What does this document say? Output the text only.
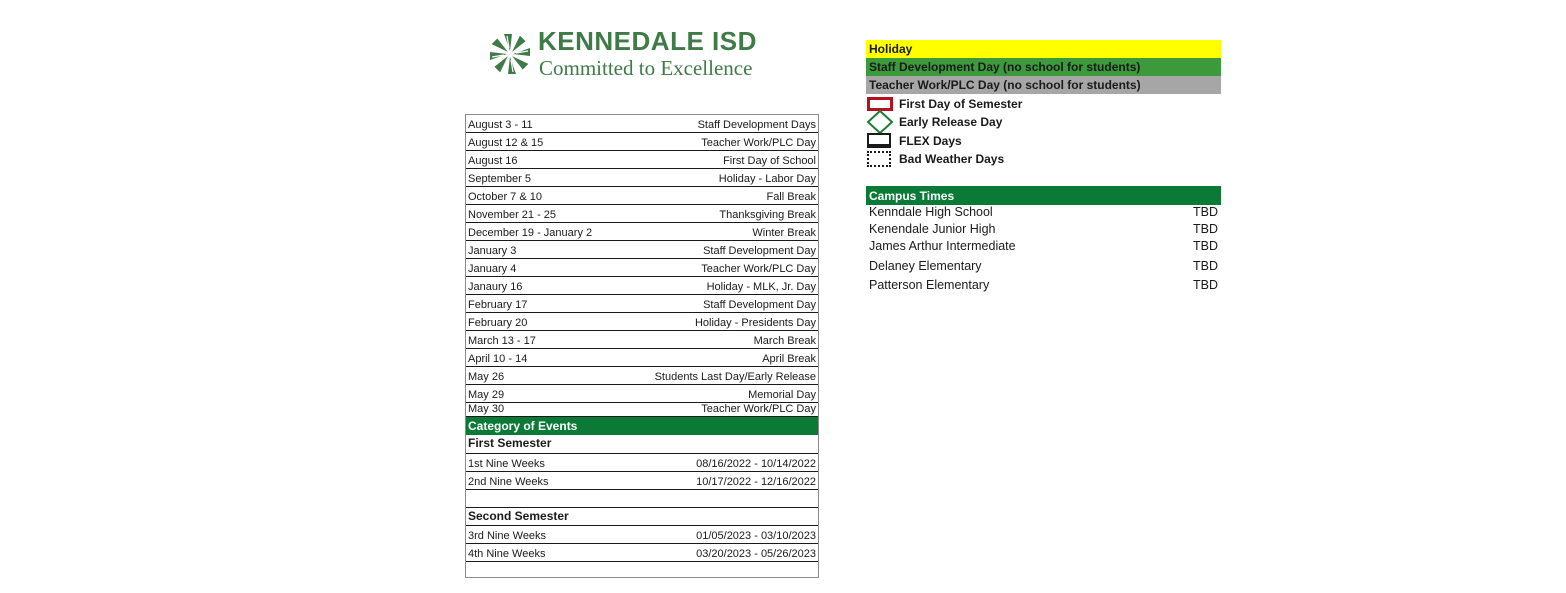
KENNEDALE ISD
Committed to Excellence
August 3 - 11	Staff Development Days
August 12 & 15	Teacher Work/PLC Day
August 16	First Day of School
September 5	Holiday - Labor Day
October 7 & 10	Fall Break
November 21 - 25	Thanksgiving Break
December 19 - January 2	Winter Break
January 3	Staff Development Day
January 4	Teacher Work/PLC Day
Janaury 16	Holiday - MLK, Jr. Day
February 17	Staff Development Day
February 20	Holiday - Presidents Day
March 13 - 17	March Break
April 10 - 14	April Break
May 26	Students Last Day/Early Release
May 29	Memorial Day
May 30	Teacher Work/PLC Day
Category of Events
First Semester
1st Nine Weeks	08/16/2022 - 10/14/2022
2nd Nine Weeks	10/17/2022 - 12/16/2022
Second Semester
3rd Nine Weeks	01/05/2023 - 03/10/2023
4th Nine Weeks	03/20/2023 - 05/26/2023
Holiday
Staff Development Day (no school for students)
Teacher Work/PLC Day (no school for students)
First Day of Semester
Early Release Day
FLEX Days
Bad Weather Days
Campus Times
Kenndale High School	TBD
Kenendale Junior High	TBD
James Arthur Intermediate	TBD
Delaney Elementary	TBD
Patterson Elementary	TBD
